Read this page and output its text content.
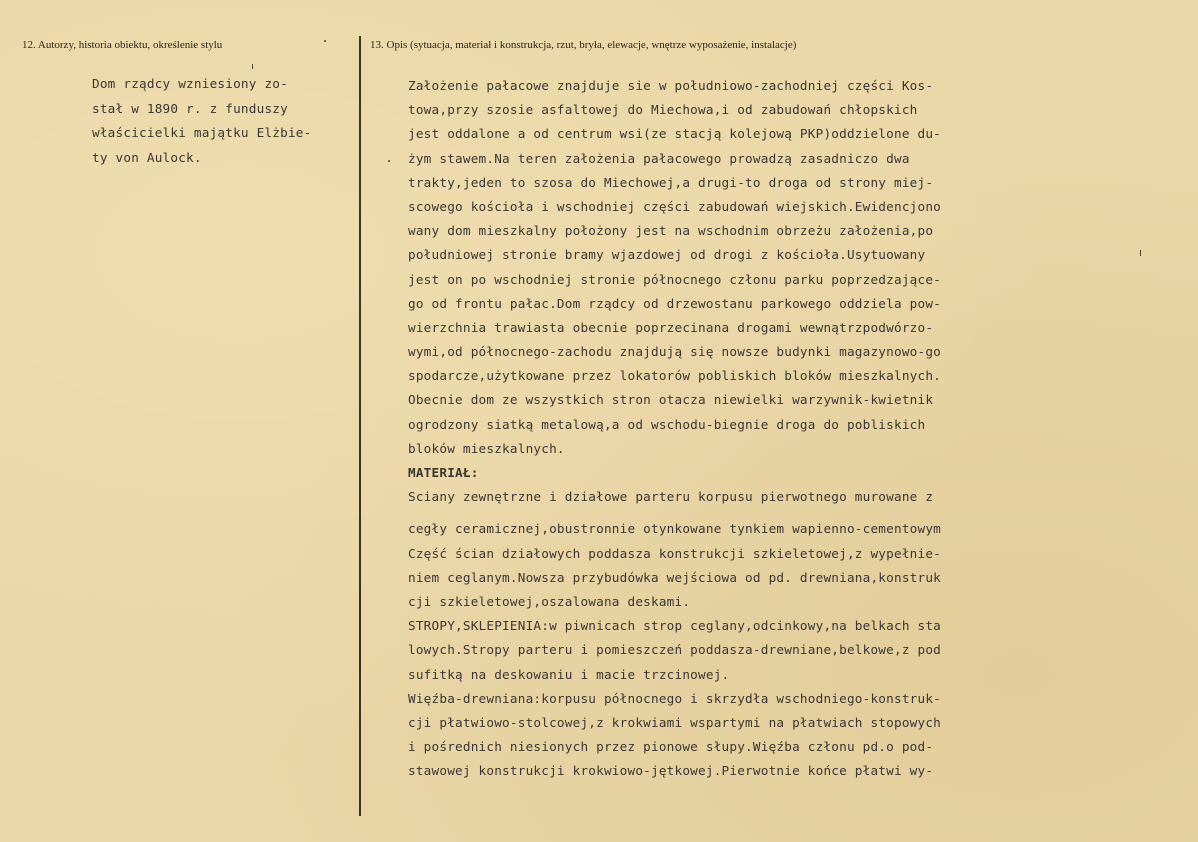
12. Autorzy, historia obiektu, określenie stylu	13. Opis (sytuacja, materiał i konstrukcja, rzut, bryła, elewacje, wnętrze wyposażenie, instalacje)
Dom rządcy wzniesiony zo-
stał w 1890 r. z funduszy
właścicielki majątku Elżbie-
ty von Aulock.
Założenie pałacowe znajduje sie w południowo-zachodniej części Kos-
towa,przy szosie asfaltowej do Miechowa,i od zabudowań chłopskich
jest oddalone a od centrum wsi(ze stacją kolejową PKP)oddzielone du-
żym stawem.Na teren założenia pałacowego prowadzą zasadniczo dwa
trakty,jeden to szosa do Miechowej,a drugi-to droga od strony miej-
scowego kościoła i wschodniej części zabudowań wiejskich.Ewidencjono
wany dom mieszkalny położony jest na wschodnim obrzeżu założenia,po
południowej stronie bramy wjazdowej od drogi z kościoła.Usytuowany
jest on po wschodniej stronie północnego członu parku poprzedzające-
go od frontu pałac.Dom rządcy od drzewostanu parkowego oddziela pow-
wierzchnia trawiasta obecnie poprzecinana drogami wewnątrzpodwórzo-
wymi,od północnego-zachodu znajdują się nowsze budynki magazynowo-go
spodarcze,użytkowane przez lokatorów pobliskich bloków mieszkalnych.
Obecnie dom ze wszystkich stron otacza niewielki warzywnik-kwietnik
ogrodzony siatką metalową,a od wschodu-biegnie droga do pobliskich
bloków mieszkalnych.
MATERIAŁ:
Sciany zewnętrzne i działowe parteru korpusu pierwotnego murowane z
cegły ceramicznej,obustronnie otynkowane tynkiem wapienno-cementowym
Część ścian działowych poddasza konstrukcji szkieletowej,z wypełnie-
niem ceglanym.Nowsza przybudówka wejściowa od pd. drewniana,konstruk
cji szkieletowej,oszalowana deskami.
STROPY,SKLEPIENIA:w piwnicach strop ceglany,odcinkowy,na belkach sta
lowych.Stropy parteru i pomieszczeń poddasza-drewniane,belkowe,z pod
sufitką na deskowaniu i macie trzcinowej.
Więźba-drewniana:korpusu północnego i skrzydła wschodniego-konstruk-
cji płatwiowo-stolcowej,z krokwiami wspartymi na płatwiach stopowych
i pośrednich niesionych przez pionowe słupy.Więźba członu pd.o pod-
stawowej konstrukcji krokwiowo-jętkowej.Pierwotnie końce płatwi wy-
